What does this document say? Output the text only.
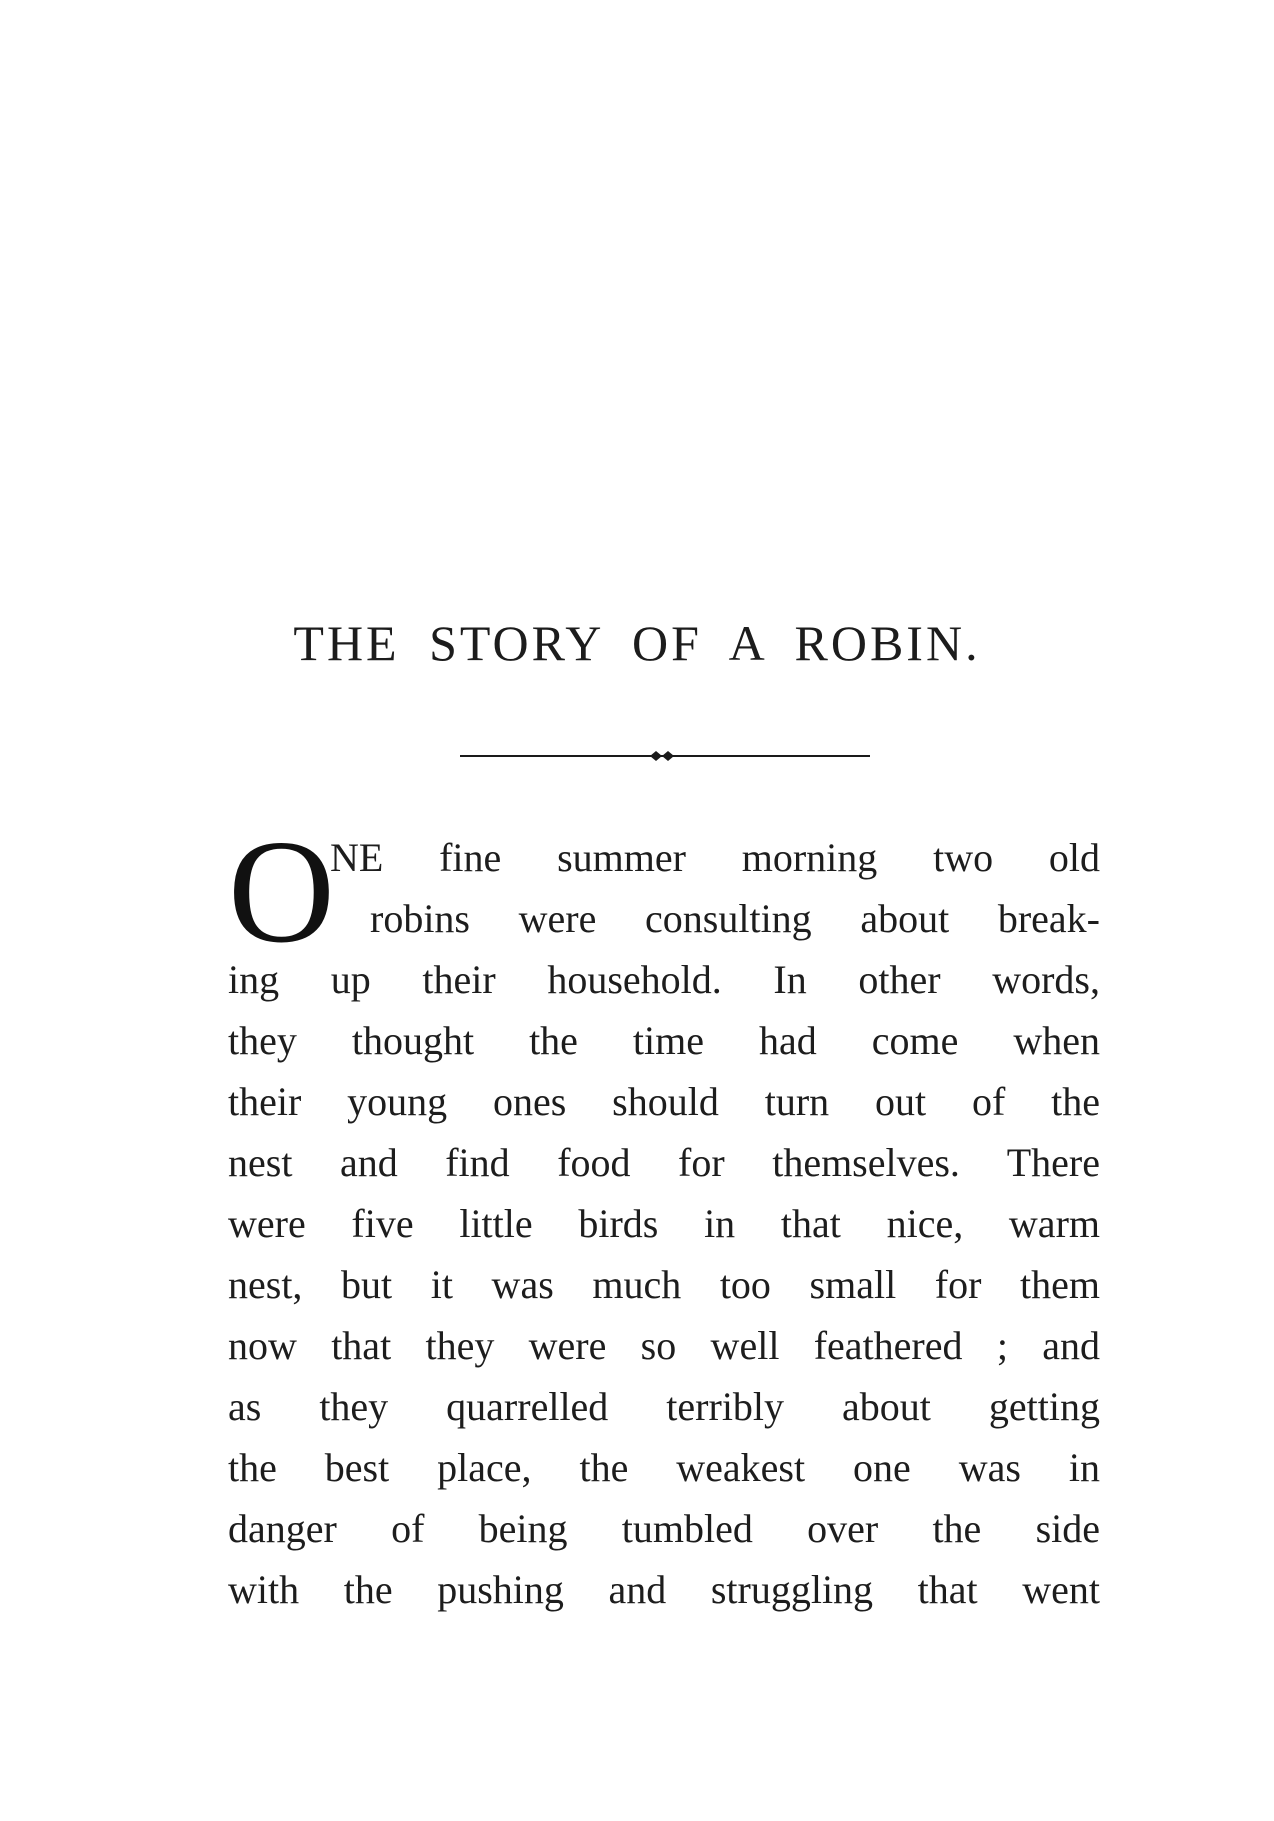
THE STORY OF A ROBIN.
O
NE fine summer morning two old
robins were consulting about break-
ing up their household. In other words,
they thought the time had come when
their young ones should turn out of the
nest and find food for themselves. There
were five little birds in that nice, warm
nest, but it was much too small for them
now that they were so well feathered ; and
as they quarrelled terribly about getting
the best place, the weakest one was in
danger of being tumbled over the side
with the pushing and struggling that went
